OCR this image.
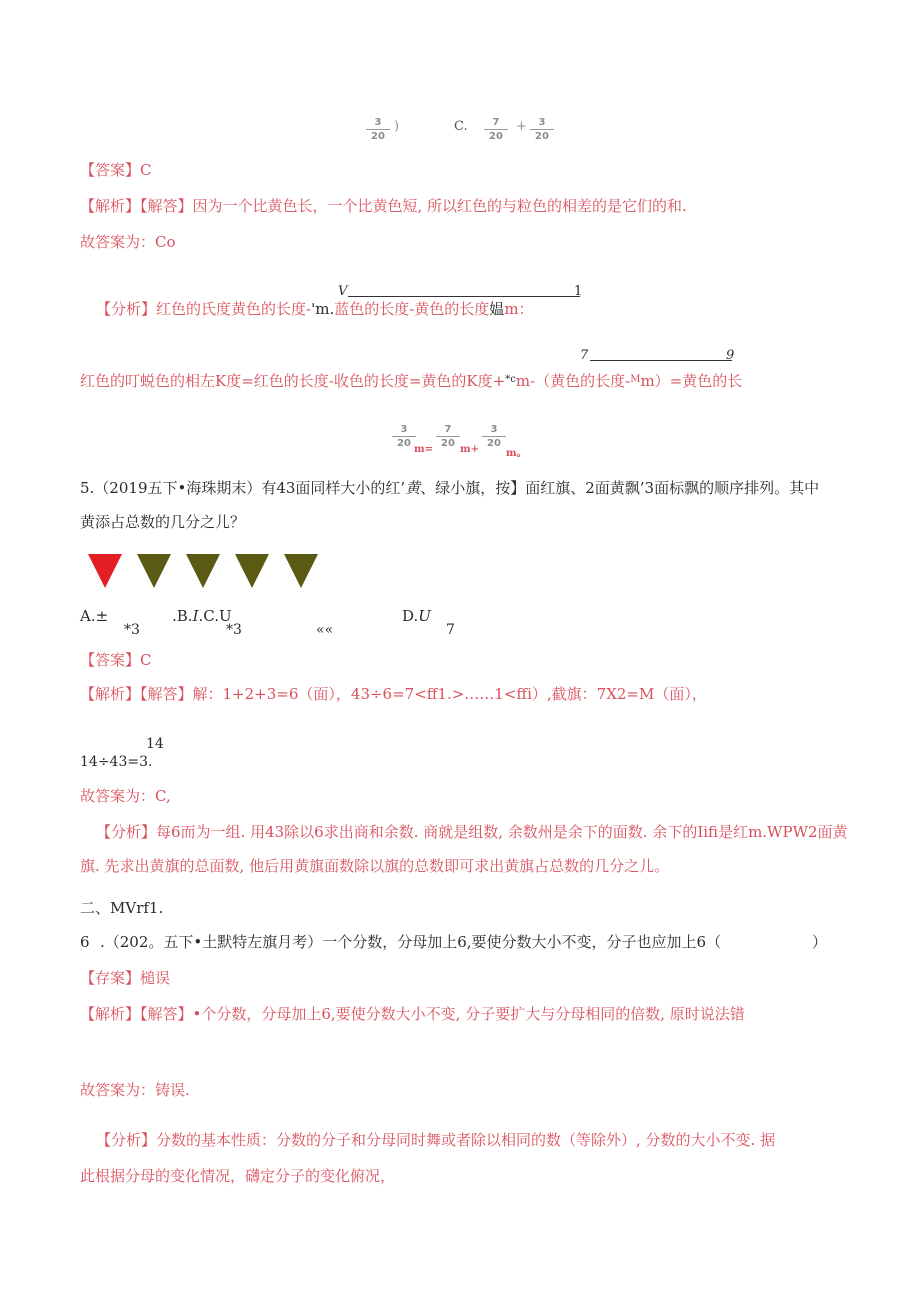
$\frac{3}{20}$ )	C. $\frac{7}{20} + \frac{3}{20}$
【答案】C
【解析】【解答】因为一个比黄色长，一个比黄色短, 所以红色的与粒色的相差的是它们的和.
故答案为：Co
V	1
【分析】红色的氏度黄色的长度-'m.蓝色的长度-黄色的长度媪m：
7	9
红色的叮蜕色的相左K度=红色的长度-收色的长度=黄色的K度+$^{*c}$m-（黄色的长度-$^M$m）=黄色的长
$\frac{3}{20}$
m=
$\frac{7}{20}$
m+
$\frac{3}{20}$
m。
5.（2019五下•海珠期末）有43面同样大小的红’黄、绿小旗，按】面红旗、2面黄飘’3面标飘的顺序排列。其中
黄添占总数的几分之儿？
A.±
*3
.B.I.C.U
*3	««
D.U
7
【答案】C
【解析】【解答】解：1+2+3=6（面），43÷6=7<ff1.>……1<ffi）,截旗：7X2=M（面），
14
14÷43=3.
故答案为：C,
【分析】每6而为一组. 用43除以6求出商和余数. 商就是组数, 余数州是余下的面数. 余下的Iifi是红m.WPW2面黄
旗. 先求出黄旗的总面数, 他后用黄旗面数除以旗的总数即可求出黄旗占总数的几分之儿。
二、MVrf1.
6 .（202。五下•土默特左旗月考）一个分数，分母加上6,要使分数大小不变，分子也应加上6（	）
【存案】槌误
【解析】【解答】•个分数，分母加上6,要使分数大小不变, 分子要扩大与分母相同的倍数, 原时说法错
故答案为：铸误.
【分析】分数的基本性质：分数的分子和分母同时舞或者除以相同的数（等除外）, 分数的大小不变. 据
此根据分母的变化情况，礴定分子的变化俯况，
